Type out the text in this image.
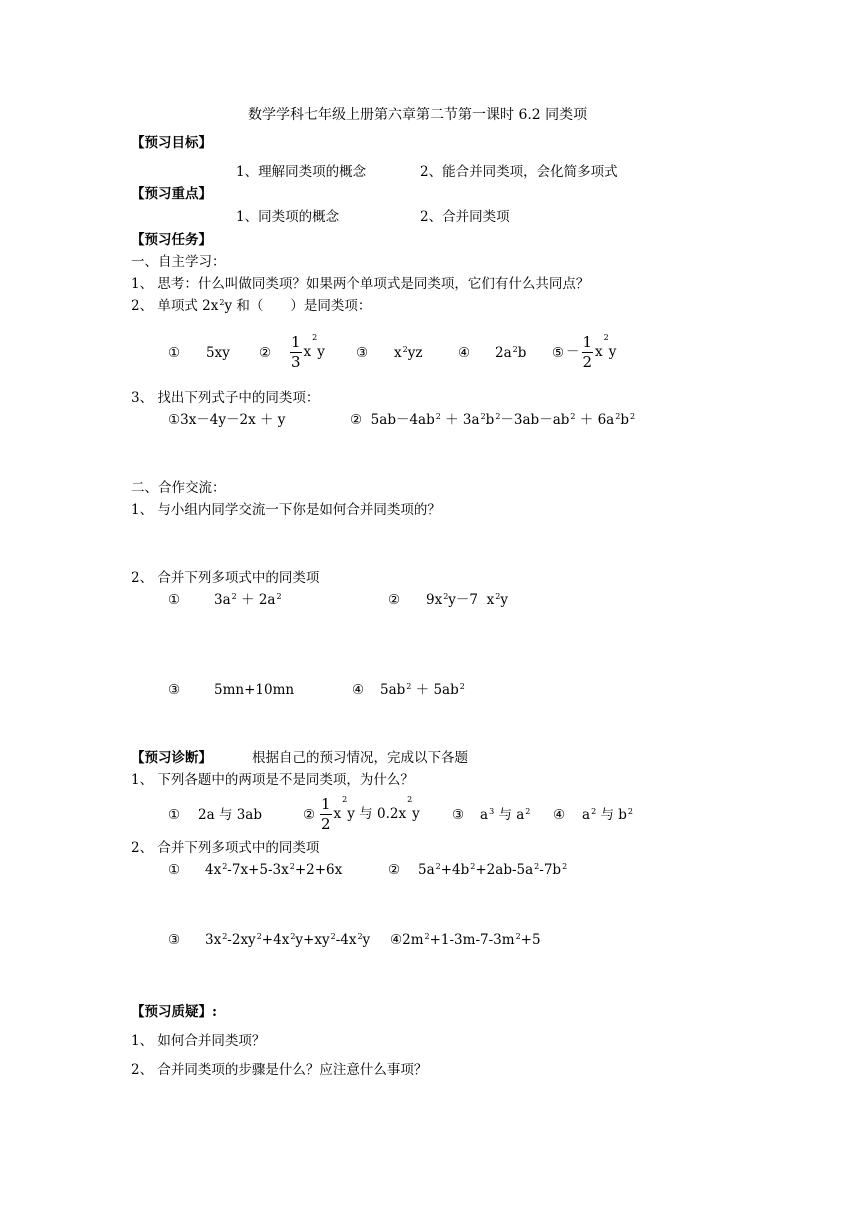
数学学科七年级上册第六章第二节第一课时 6.2 同类项
【预习目标】
1、理解同类项的概念	2、能合并同类项，会化简多项式
【预习重点】
1、同类项的概念	2、合并同类项
【预习任务】
一、自主学习：
1、 思考：什么叫做同类项？如果两个单项式是同类项，它们有什么共同点？
2、 单项式 $2x^2y$ 和（　　）是同类项：
① 5xy ② $\frac{1}{3} x^2y$ ③ $x^2yz$	④ $2a^2b$ ⑤ － $\frac{1}{2} x^2y$
3、 找出下列式子中的同类项：
①3x－4y－2x ＋ y	②  $5ab-4ab^2 + 3a^2b^2-3ab-ab^2 + 6a^2b^2$
二、合作交流：
1、 与小组内同学交流一下你是如何合并同类项的？
2、 合并下列多项式中的同类项
①	$3a^2 + 2a^2$	② $9x^2y-7$  $x^2y$
③	5mn+10mn	④ $5ab^2 + 5ab^2$
【预习诊断】	根据自己的预习情况，完成以下各题
1、 下列各题中的两项是不是同类项，为什么？
① 2a 与 3ab	② $\frac{1}{2} x^2y$ 与 $0.2x^2y$ ③ $a^3$ 与 $a^2$ ④ $a^2$ 与 $b^2$
2、 合并下列多项式中的同类项
① $4x^2-7x+5-3x^2+2+6x$	② $5a^2+4b^2+2ab-5a^2-7b^2$
③ $3x^2-2xy^2+4x^2y+xy^2-4x^2y$ $④2m^2+1-3m-7-3m^2+5$
【预习质疑】:
1、 如何合并同类项？
2、 合并同类项的步骤是什么？应注意什么事项？
